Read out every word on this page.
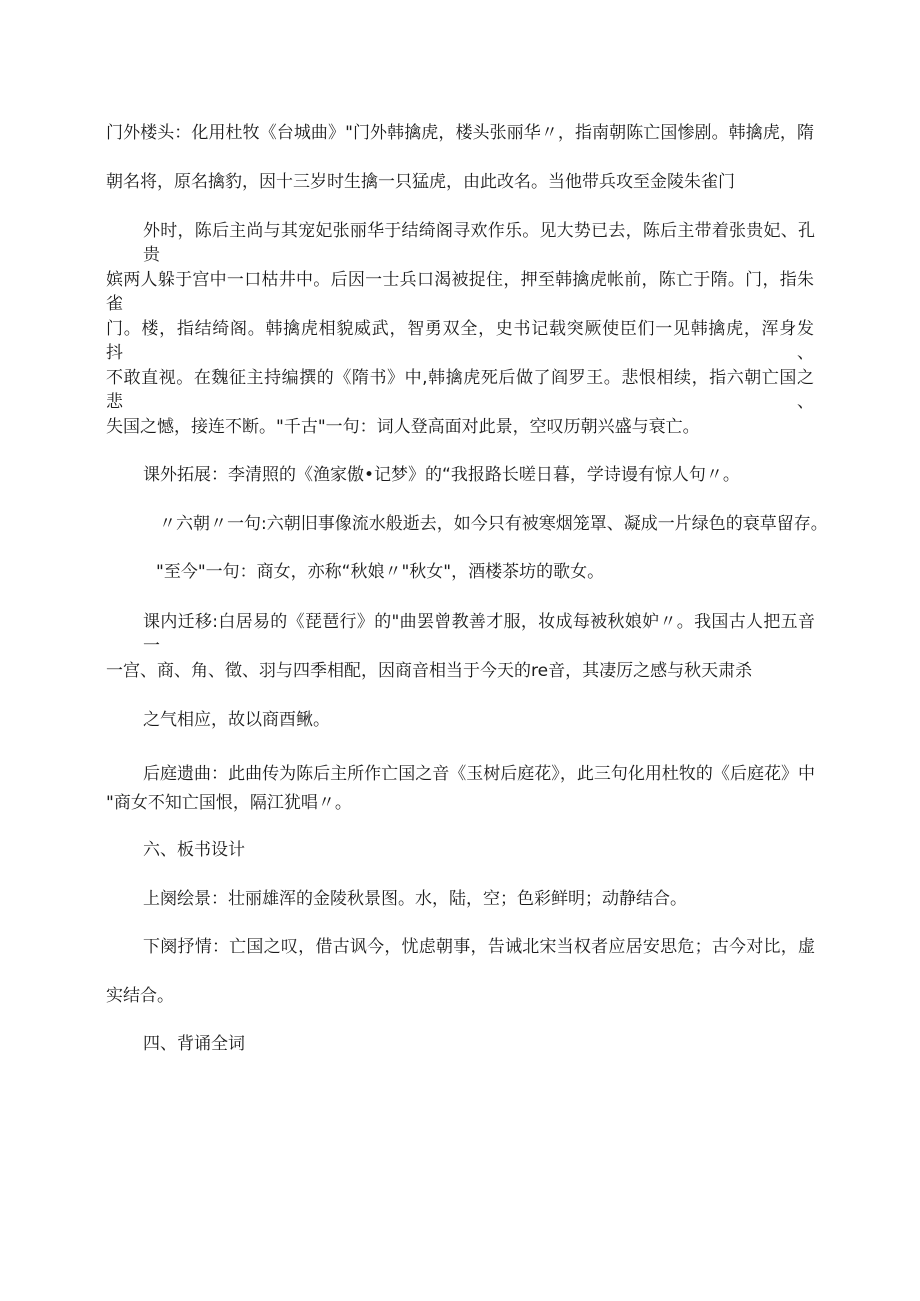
门外楼头：化用杜牧《台城曲》"门外韩擒虎，楼头张丽华〃，指南朝陈亡国惨剧。韩擒虎，隋
朝名将，原名擒豹，因十三岁时生擒一只猛虎，由此改名。当他带兵攻至金陵朱雀门
外时，陈后主尚与其宠妃张丽华于结绮阁寻欢作乐。见大势已去，陈后主带着张贵妃、孔贵
嫔两人躲于宫中一口枯井中。后因一士兵口渴被捉住，押至韩擒虎帐前，陈亡于隋。门，指朱雀
门。楼，指结绮阁。韩擒虎相貌威武，智勇双全，史书记载突厥使臣们一见韩擒虎，浑身发抖、
不敢直视。在魏征主持编撰的《隋书》中,韩擒虎死后做了阎罗王。悲恨相续，指六朝亡国之悲、
失国之憾，接连不断。"千古"一句：词人登高面对此景，空叹历朝兴盛与衰亡。
课外拓展：李清照的《渔家傲•记梦》的“我报路长嗟日暮，学诗谩有惊人句〃。
〃六朝〃一句:六朝旧事像流水般逝去，如今只有被寒烟笼罩、凝成一片绿色的衰草留存。
"至今"一句：商女，亦称“秋娘〃"秋女"，酒楼茶坊的歌女。
课内迁移:白居易的《琵琶行》的"曲罢曾教善才服，妆成每被秋娘妒〃。我国古人把五音一
一宫、商、角、徵、羽与四季相配，因商音相当于今天的re音，其凄厉之感与秋天肃杀
之气相应，故以商酉鳅。
后庭遗曲：此曲传为陈后主所作亡国之音《玉树后庭花》，此三句化用杜牧的《后庭花》中
"商女不知亡国恨，隔江犹唱〃。
六、板书设计
上阕绘景：壮丽雄浑的金陵秋景图。水，陆，空；色彩鲜明；动静结合。
下阕抒情：亡国之叹，借古讽今，忧虑朝事，告诫北宋当权者应居安思危；古今对比，虚
实结合。
四、背诵全词
